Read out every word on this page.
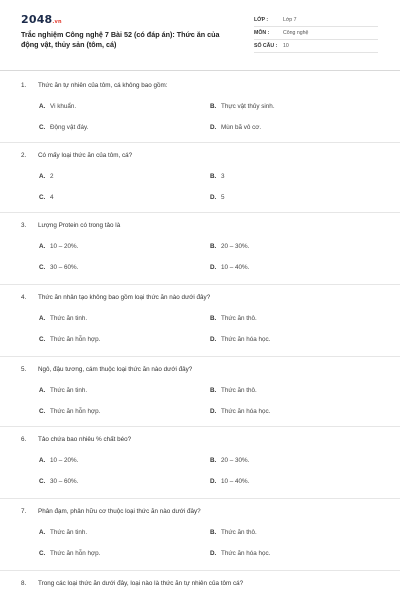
2048.vn
Trắc nghiệm Công nghệ 7 Bài 52 (có đáp án): Thức ăn của động vật, thủy sản (tôm, cá)
LỚP :	Lớp 7
MÔN :	Công nghệ
SỐ CÂU : 10
1. Thức ăn tự nhiên của tôm, cá không bao gồm:
A. Vi khuẩn.	B. Thực vật thủy sinh.
C. Động vật đáy.	D. Mùn bã vô cơ.
2. Có mấy loại thức ăn của tôm, cá?
A. 2	B. 3
C. 4	D. 5
3. Lượng Protein có trong tảo là
A. 10 – 20%.	B. 20 – 30%.
C. 30 – 60%.	D. 10 – 40%.
4. Thức ăn nhân tạo không bao gồm loại thức ăn nào dưới đây?
A. Thức ăn tinh.	B. Thức ăn thô.
C. Thức ăn hỗn hợp.	D. Thức ăn hóa học.
5. Ngô, đậu tương, cám thuộc loại thức ăn nào dưới đây?
A. Thức ăn tinh.	B. Thức ăn thô.
C. Thức ăn hỗn hợp.	D. Thức ăn hóa học.
6. Tảo chứa bao nhiêu % chất béo?
A. 10 – 20%.	B. 20 – 30%.
C. 30 – 60%.	D. 10 – 40%.
7. Phân đạm, phân hữu cơ thuộc loại thức ăn nào dưới đây?
A. Thức ăn tinh.	B. Thức ăn thô.
C. Thức ăn hỗn hợp.	D. Thức ăn hóa học.
8. Trong các loại thức ăn dưới đây, loại nào là thức ăn tự nhiên của tôm cá?
